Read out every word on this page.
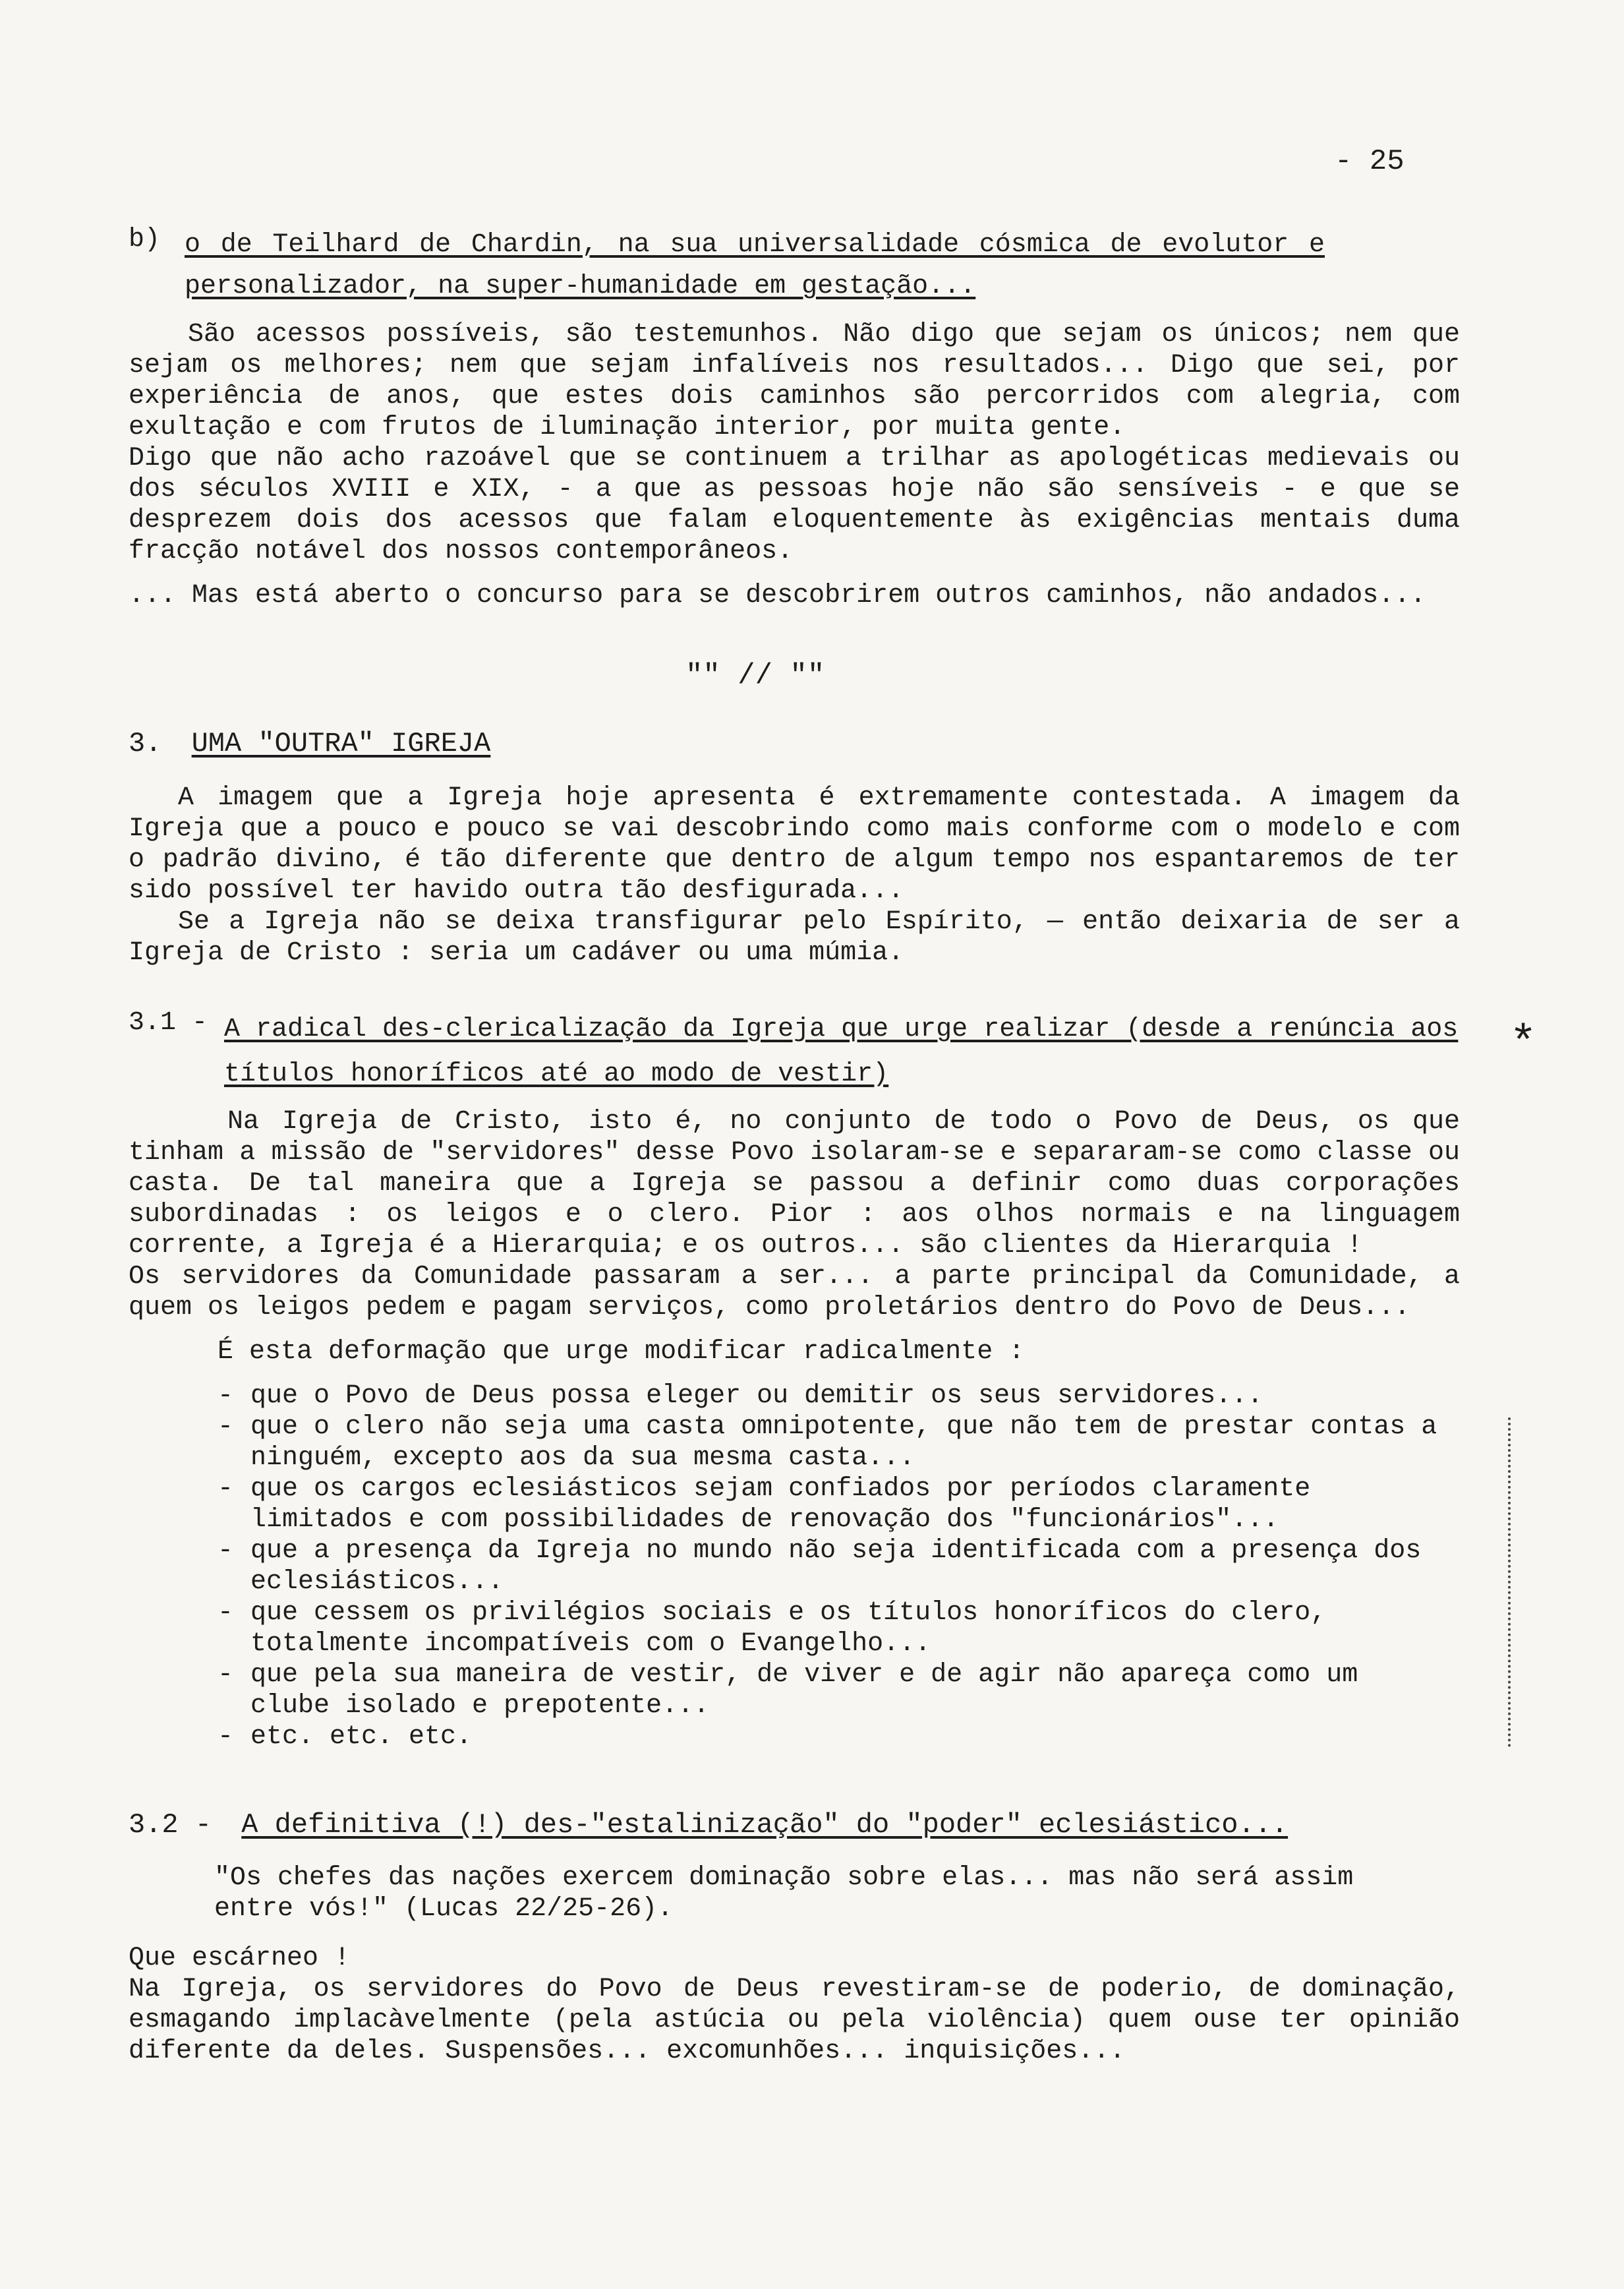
- 25
b) o de Teilhard de Chardin, na sua universalidade cósmica de evolutor e personalizador, na super-humanidade em gestação...

São acessos possíveis, são testemunhos. Não digo que sejam os únicos; nem que sejam os melhores; nem que sejam infalíveis nos resultados... Digo que sei, por experiência de anos, que estes dois caminhos são percorridos com alegria, com exultação e com frutos de iluminação interior, por muita gente.

Digo que não acho razoável que se continuem a trilhar as apologéticas medievais ou dos séculos XVIII e XIX, - a que as pessoas hoje não são sensíveis - e que se desprezem dois dos acessos que falam eloquentemente às exigências mentais duma fracção notável dos nossos contemporâneos.

... Mas está aberto o concurso para se descobrirem outros caminhos, não andados...

"" // ""
3. UMA "OUTRA" IGREJA

A imagem que a Igreja hoje apresenta é extremamente contestada. A imagem da Igreja que a pouco e pouco se vai descobrindo como mais conforme com o modelo e com o padrão divino, é tão diferente que dentro de algum tempo nos espantaremos de ter sido possível ter havido outra tão desfigurada...

Se a Igreja não se deixa transfigurar pelo Espírito, — então deixaria de ser a Igreja de Cristo : seria um cadáver ou uma múmia.

3.1 - A radical des-clericalização da Igreja que urge realizar (desde a renúncia aos títulos honoríficos até ao modo de vestir)

*

Na Igreja de Cristo, isto é, no conjunto de todo o Povo de Deus, os que tinham a missão de "servidores" desse Povo isolaram-se e separaram-se como classe ou casta. De tal maneira que a Igreja se passou a definir como duas corporações subordinadas : os leigos e o clero. Pior : aos olhos normais e na linguagem corrente, a Igreja é a Hierarquia; e os outros... são clientes da Hierarquia !

Os servidores da Comunidade passaram a ser... a parte principal da Comunidade, a quem os leigos pedem e pagam serviços, como proletários dentro do Povo de Deus...

É esta deformação que urge modificar radicalmente :

- que o Povo de Deus possa eleger ou demitir os seus servidores...
- que o clero não seja uma casta omnipotente, que não tem de prestar contas a ninguém, excepto aos da sua mesma casta...
- que os cargos eclesiásticos sejam confiados por períodos claramente limitados e com possibilidades de renovação dos "funcionários"...
- que a presença da Igreja no mundo não seja identificada com a presença dos eclesiásticos...
- que cessem os privilégios sociais e os títulos honoríficos do clero, totalmente incompatíveis com o Evangelho...
- que pela sua maneira de vestir, de viver e de agir não apareça como um clube isolado e prepotente...
- etc. etc. etc.
3.2 - A definitiva (!) des-"estalinização" do "poder" eclesiástico...

"Os chefes das nações exercem dominação sobre elas... mas não será assim entre vós!" (Lucas 22/25-26).

Que escárneo !

Na Igreja, os servidores do Povo de Deus revestiram-se de poderio, de dominação, esmagando implacàvelmente (pela astúcia ou pela violência) quem ouse ter opinião diferente da deles. Suspensões... excomunhões... inquisições...
